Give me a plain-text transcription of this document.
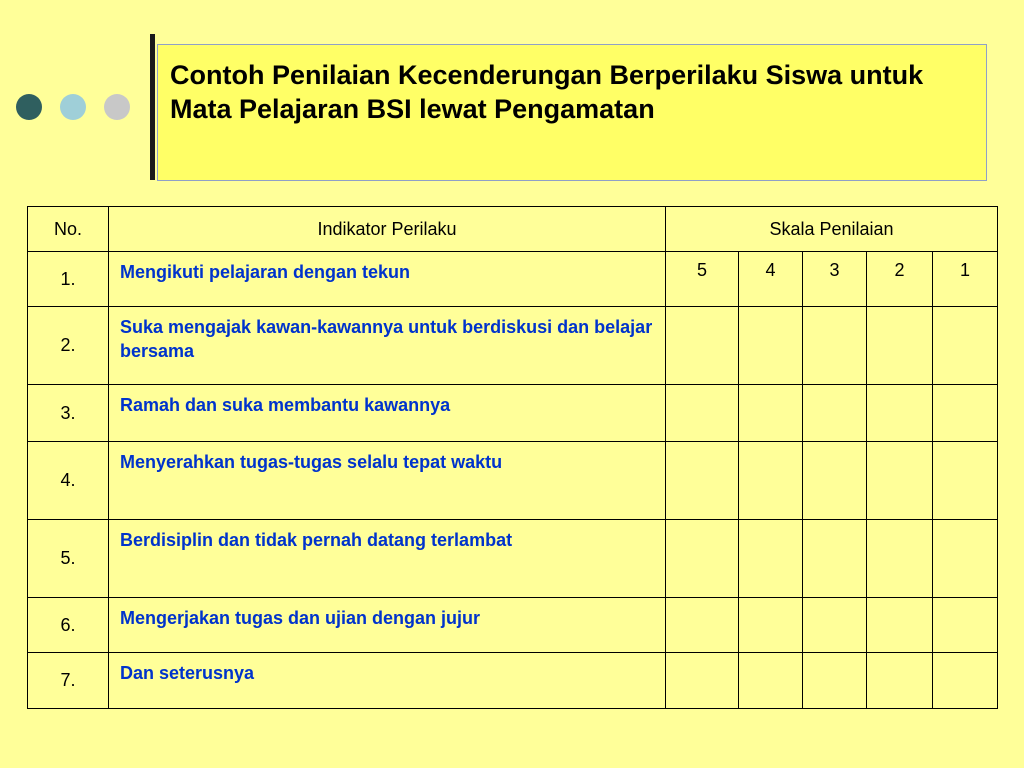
Contoh Penilaian Kecenderungan Berperilaku Siswa untuk Mata Pelajaran BSI lewat Pengamatan
No.	Indikator Perilaku	Skala Penilaian				
1.	Mengikuti pelajaran dengan tekun	5	4	3	2	1
2.	Suka mengajak kawan-kawannya untuk berdiskusi dan belajar bersama					
3.	Ramah dan suka membantu kawannya					
4.	Menyerahkan tugas-tugas selalu tepat waktu					
5.	Berdisiplin dan tidak pernah datang terlambat					
6.	Mengerjakan tugas dan ujian dengan jujur					
7.	Dan seterusnya					
